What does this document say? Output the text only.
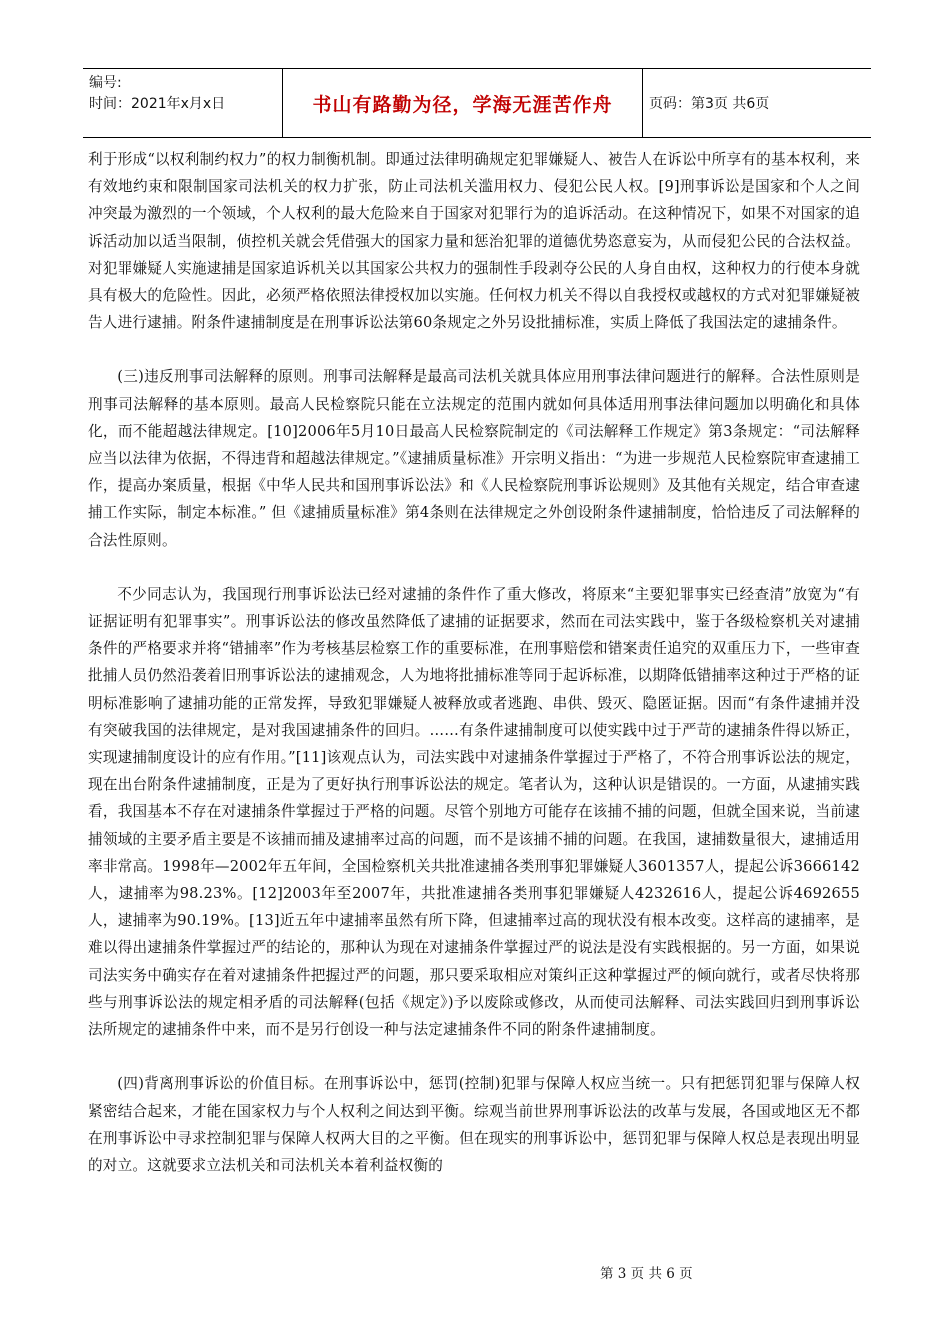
编号:
时间：2021年x月x日	书山有路勤为径，学海无涯苦作舟	页码：第3页 共6页

利于形成“以权利制约权力”的权力制衡机制。即通过法律明确规定犯罪嫌疑人、被告人在诉讼中所享有的基本权利，来有效地约束和限制国家司法机关的权力扩张，防止司法机关滥用权力、侵犯公民人权。[9]刑事诉讼是国家和个人之间冲突最为激烈的一个领域，个人权利的最大危险来自于国家对犯罪行为的追诉活动。在这种情况下，如果不对国家的追诉活动加以适当限制，侦控机关就会凭借强大的国家力量和惩治犯罪的道德优势恣意妄为，从而侵犯公民的合法权益。对犯罪嫌疑人实施逮捕是国家追诉机关以其国家公共权力的强制性手段剥夺公民的人身自由权，这种权力的行使本身就具有极大的危险性。因此，必须严格依照法律授权加以实施。任何权力机关不得以自我授权或越权的方式对犯罪嫌疑被告人进行逮捕。附条件逮捕制度是在刑事诉讼法第60条规定之外另设批捕标准，实质上降低了我国法定的逮捕条件。

(三)违反刑事司法解释的原则。刑事司法解释是最高司法机关就具体应用刑事法律问题进行的解释。合法性原则是刑事司法解释的基本原则。最高人民检察院只能在立法规定的范围内就如何具体适用刑事法律问题加以明确化和具体化，而不能超越法律规定。[10]2006年5月10日最高人民检察院制定的《司法解释工作规定》第3条规定：“司法解释应当以法律为依据，不得违背和超越法律规定。”《逮捕质量标准》开宗明义指出：“为进一步规范人民检察院审查逮捕工作，提高办案质量，根据《中华人民共和国刑事诉讼法》和《人民检察院刑事诉讼规则》及其他有关规定，结合审查逮捕工作实际，制定本标准。” 但《逮捕质量标准》第4条则在法律规定之外创设附条件逮捕制度，恰恰违反了司法解释的合法性原则。

不少同志认为，我国现行刑事诉讼法已经对逮捕的条件作了重大修改，将原来“主要犯罪事实已经查清”放宽为“有证据证明有犯罪事实”。刑事诉讼法的修改虽然降低了逮捕的证据要求，然而在司法实践中，鉴于各级检察机关对逮捕条件的严格要求并将“错捕率”作为考核基层检察工作的重要标准，在刑事赔偿和错案责任追究的双重压力下，一些审查批捕人员仍然沿袭着旧刑事诉讼法的逮捕观念，人为地将批捕标准等同于起诉标准，以期降低错捕率这种过于严格的证明标准影响了逮捕功能的正常发挥，导致犯罪嫌疑人被释放或者逃跑、串供、毁灭、隐匿证据。因而“有条件逮捕并没有突破我国的法律规定，是对我国逮捕条件的回归。……有条件逮捕制度可以使实践中过于严苛的逮捕条件得以矫正，实现逮捕制度设计的应有作用。”[11]该观点认为，司法实践中对逮捕条件掌握过于严格了，不符合刑事诉讼法的规定，现在出台附条件逮捕制度，正是为了更好执行刑事诉讼法的规定。笔者认为，这种认识是错误的。一方面，从逮捕实践看，我国基本不存在对逮捕条件掌握过于严格的问题。尽管个别地方可能存在该捕不捕的问题，但就全国来说，当前逮捕领域的主要矛盾主要是不该捕而捕及逮捕率过高的问题，而不是该捕不捕的问题。在我国，逮捕数量很大，逮捕适用率非常高。1998年—2002年五年间，全国检察机关共批准逮捕各类刑事犯罪嫌疑人3601357人，提起公诉3666142人，逮捕率为98.23%。[12]2003年至2007年，共批准逮捕各类刑事犯罪嫌疑人4232616人，提起公诉4692655人，逮捕率为90.19%。[13]近五年中逮捕率虽然有所下降，但逮捕率过高的现状没有根本改变。这样高的逮捕率，是难以得出逮捕条件掌握过严的结论的，那种认为现在对逮捕条件掌握过严的说法是没有实践根据的。另一方面，如果说司法实务中确实存在着对逮捕条件把握过严的问题，那只要采取相应对策纠正这种掌握过严的倾向就行，或者尽快将那些与刑事诉讼法的规定相矛盾的司法解释(包括《规定》)予以废除或修改，从而使司法解释、司法实践回归到刑事诉讼法所规定的逮捕条件中来，而不是另行创设一种与法定逮捕条件不同的附条件逮捕制度。

(四)背离刑事诉讼的价值目标。在刑事诉讼中，惩罚(控制)犯罪与保障人权应当统一。只有把惩罚犯罪与保障人权紧密结合起来，才能在国家权力与个人权利之间达到平衡。综观当前世界刑事诉讼法的改革与发展，各国或地区无不都在刑事诉讼中寻求控制犯罪与保障人权两大目的之平衡。但在现实的刑事诉讼中，惩罚犯罪与保障人权总是表现出明显的对立。这就要求立法机关和司法机关本着利益权衡的

第 3 页 共 6 页
